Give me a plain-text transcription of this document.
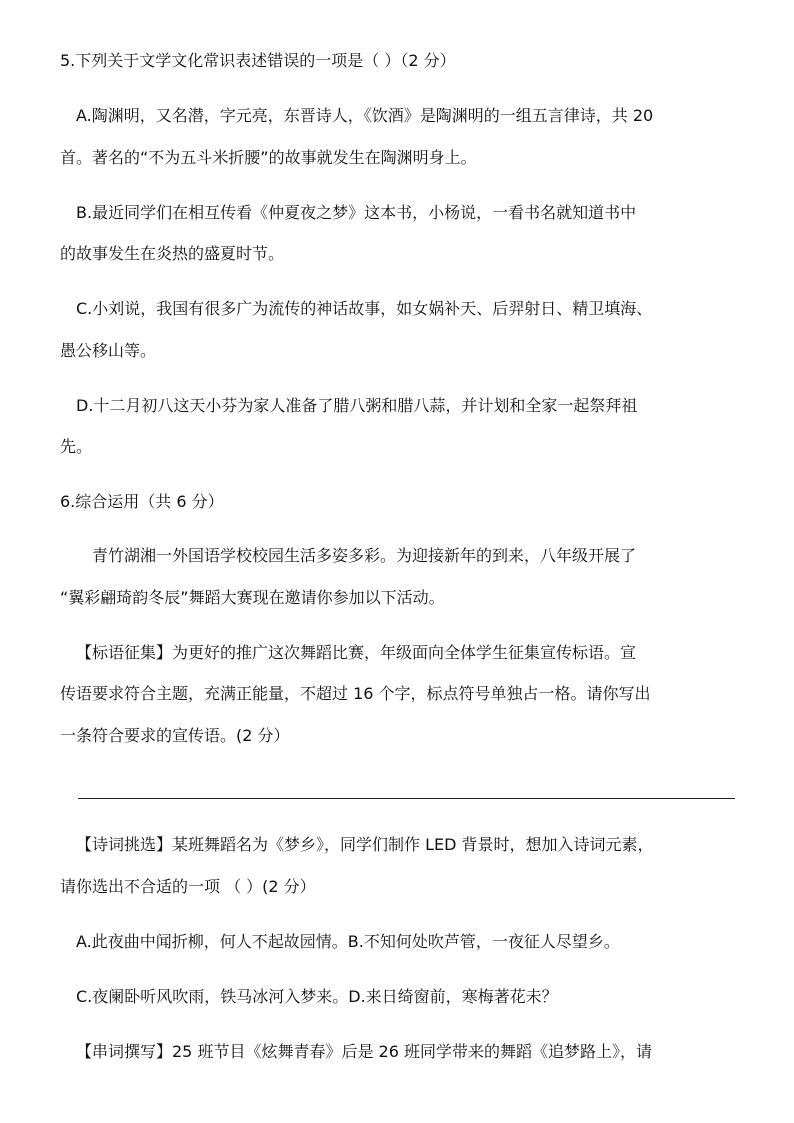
5.下列关于文学文化常识表述错误的一项是（ ）（2 分）
A.陶渊明，又名潜，字元亮，东晋诗人，《饮酒》是陶渊明的一组五言律诗，共 20
首。著名的“不为五斗米折腰”的故事就发生在陶渊明身上。
B.最近同学们在相互传看《仲夏夜之梦》这本书，小杨说，一看书名就知道书中
的故事发生在炎热的盛夏时节。
C.小刘说，我国有很多广为流传的神话故事，如女娲补天、后羿射日、精卫填海、
愚公移山等。
D.十二月初八这天小芬为家人准备了腊八粥和腊八蒜，并计划和全家一起祭拜祖
先。
6.综合运用（共 6 分）
青竹湖湘一外国语学校校园生活多姿多彩。为迎接新年的到来，八年级开展了
“翼彩翩琦韵冬辰”舞蹈大赛现在邀请你参加以下活动。
【标语征集】为更好的推广这次舞蹈比赛，年级面向全体学生征集宣传标语。宣
传语要求符合主题，充满正能量，不超过 16 个字，标点符号单独占一格。请你写出
一条符合要求的宣传语。(2 分）
【诗词挑选】某班舞蹈名为《梦乡》，同学们制作 LED 背景时，想加入诗词元素，
请你选出不合适的一项 （ ）(2 分）
A.此夜曲中闻折柳，何人不起故园情。B.不知何处吹芦管，一夜征人尽望乡。
C.夜阑卧听风吹雨，铁马冰河入梦来。D.来日绮窗前，寒梅著花未？
【串词撰写】25 班节目《炫舞青春》后是 26 班同学带来的舞蹈《追梦路上》，请
